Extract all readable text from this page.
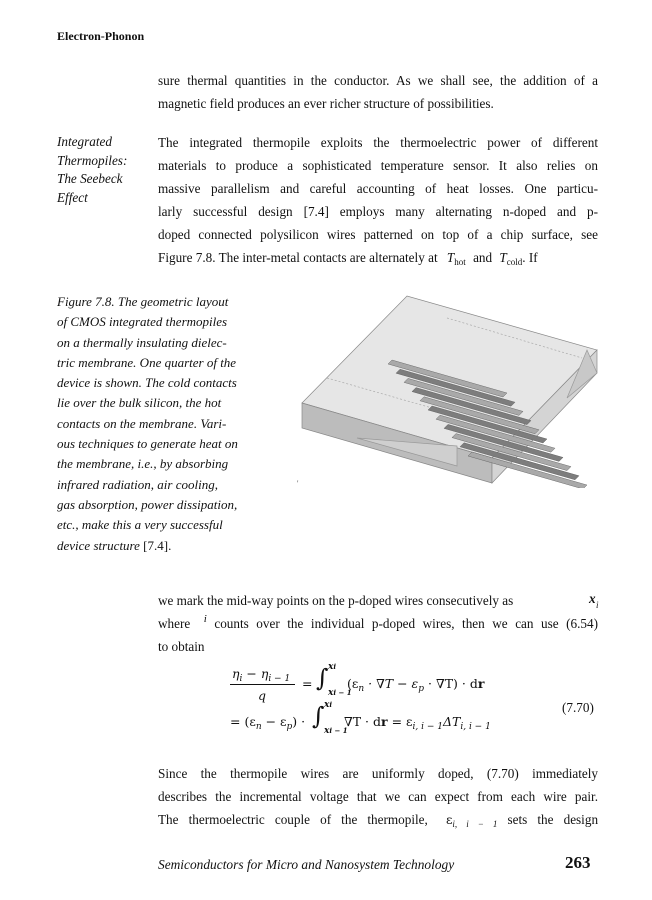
Electron-Phonon
sure thermal quantities in the conductor. As we shall see, the addition of a
magnetic field produces an ever richer structure of possibilities.
Integrated
Thermopiles:
The Seebeck
Effect
The integrated thermopile exploits the thermoelectric power of different
materials to produce a sophisticated temperature sensor. It also relies on
massive parallelism and careful accounting of heat losses. One particu-
larly successful design [7.4] employs many alternating n-doped and p-
doped connected polysilicon wires patterned on top of a chip surface, see
Figure 7.8. The inter-metal contacts are alternately at $T_{hot}$ and $T_{cold}$. If
Figure 7.8. The geometric layout
of CMOS integrated thermopiles
on a thermally insulating dielec-
tric membrane. One quarter of the
device is shown. The cold contacts
lie over the bulk silicon, the hot
contacts on the membrane. Vari-
ous techniques to generate heat on
the membrane, i.e., by absorbing
infrared radiation, air cooling,
gas absorption, power dissipation,
etc., make this a very successful
device structure [7.4].
'
we mark the mid-way points on the p-doped wires consecutively as	x i
where $^i$ counts over the individual p-doped wires, then we can use (6.54)
to obtain
$\eta_i - \eta_{i - 1}$
q
= ∫ xi
xi − 1
$(\varepsilon_n \cdot \nabla T - \varepsilon_p \cdot \nabla T)$ · dr
= $(\varepsilon_n - \varepsilon_p)$ · ∫ xi
xi − 1
∇T · dr = $\varepsilon_{i, i - 1}\Delta T_{i, i - 1}$
(7.70)
Since the thermopile wires are uniformly doped, (7.70) immediately
describes the incremental voltage that we can expect from each wire pair.
The thermoelectric couple of the thermopile, $\varepsilon_{i, i - 1}$ sets the design
Semiconductors for Micro and Nanosystem Technology	263
